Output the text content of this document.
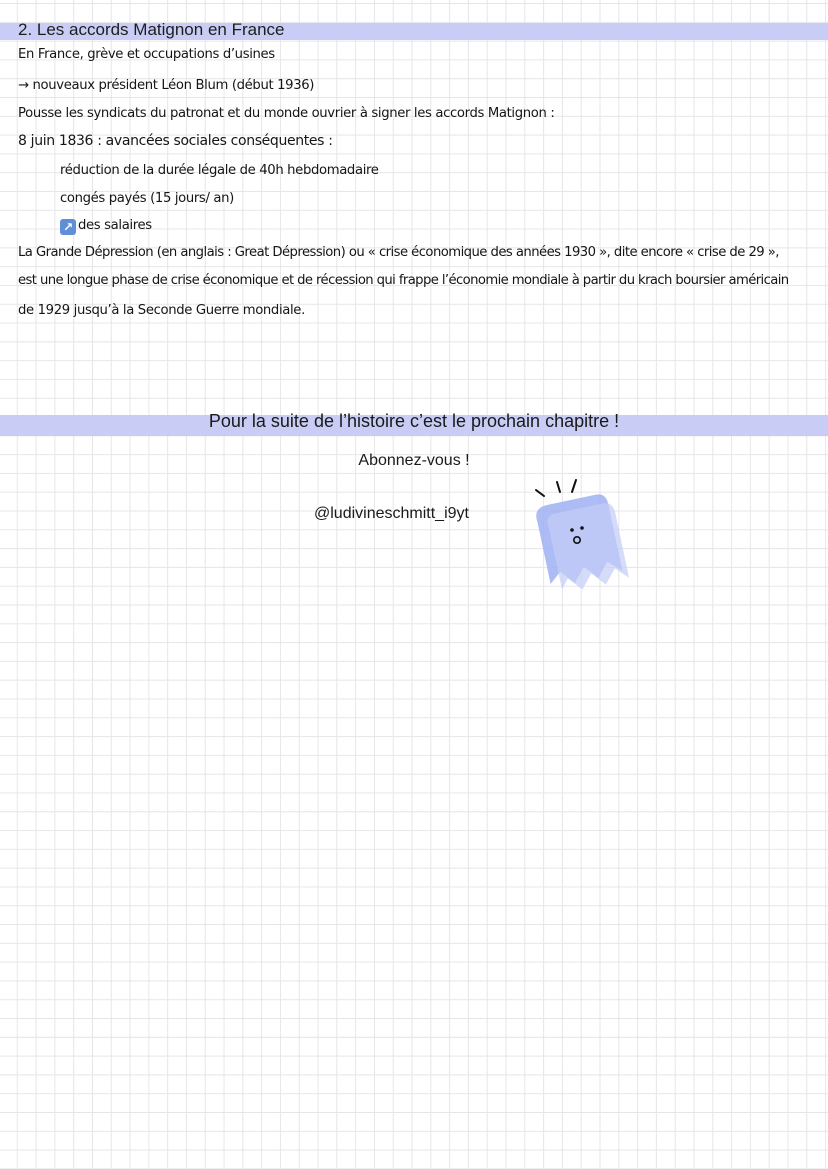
2. Les accords Matignon en France
En France, grève et occupations d’usines
→ nouveaux président Léon Blum (début 1936)
Pousse les syndicats du patronat et du monde ouvrier à signer les accords Matignon :
8 juin 1836 : avancées sociales conséquentes :
réduction de la durée légale de 40h hebdomadaire
congés payés (15 jours/ an)
↗ des salaires
La Grande Dépression (en anglais : Great Dépression) ou « crise économique des années 1930 », dite encore « crise de 29 »,
est une longue phase de crise économique et de récession qui frappe l’économie mondiale à partir du krach boursier américain
de 1929 jusqu’à la Seconde Guerre mondiale.
Pour la suite de l’histoire c’est le prochain chapitre !
Abonnez-vous !
@ludivineschmitt_i9yt
